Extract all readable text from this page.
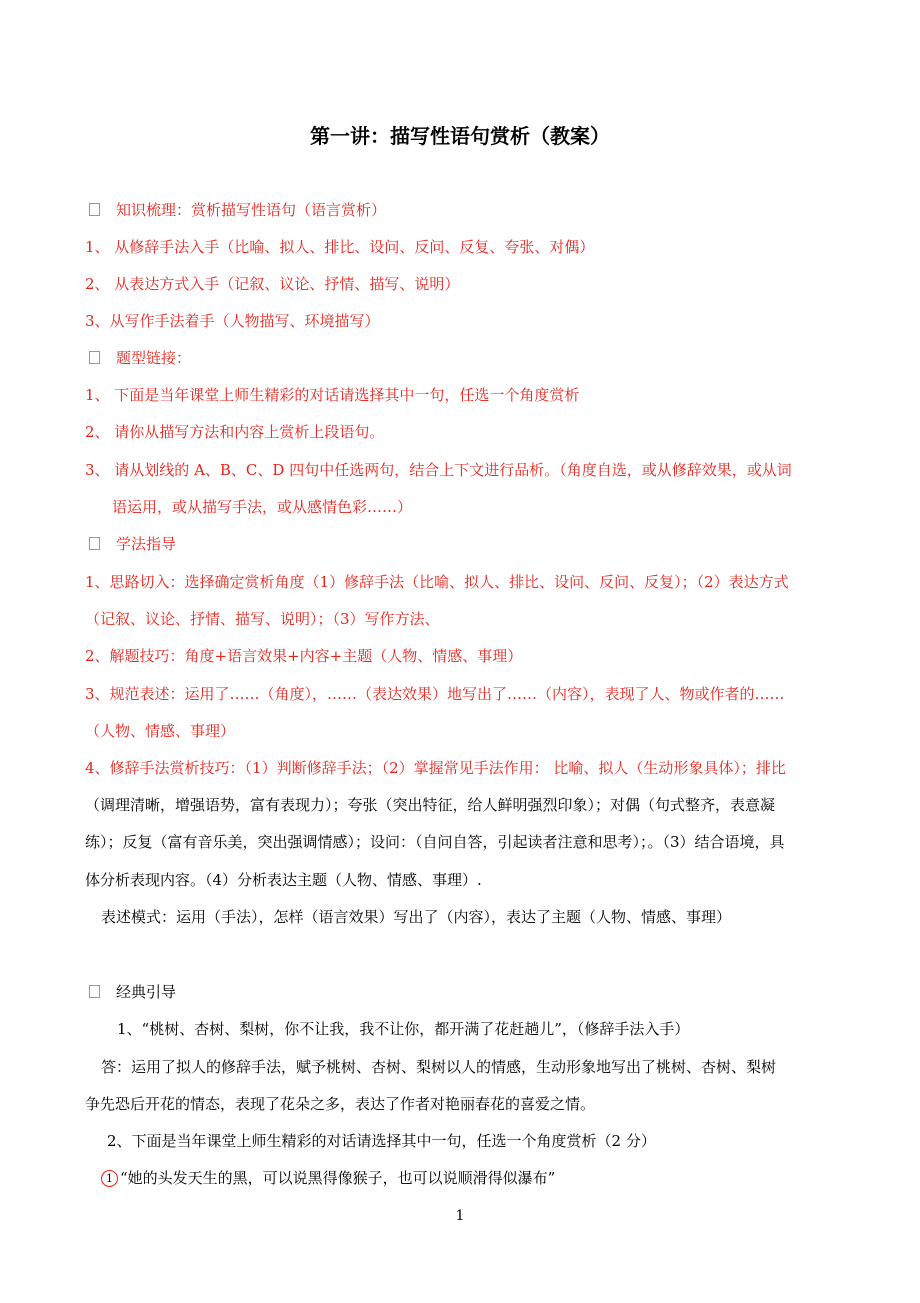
第一讲：描写性语句赏析（教案）
知识梳理：赏析描写性语句（语言赏析）
1、 从修辞手法入手（比喻、拟人、排比、设问、反问、反复、夸张、对偶）
2、 从表达方式入手（记叙、议论、抒情、描写、说明）
3、从写作手法着手（人物描写、环境描写）
题型链接：
1、 下面是当年课堂上师生精彩的对话请选择其中一句，任选一个角度赏析
2、 请你从描写方法和内容上赏析上段语句。
3、 请从划线的 A、B、C、D 四句中任选两句，结合上下文进行品析。（角度自选，或从修辞效果，或从词
语运用，或从描写手法，或从感情色彩……）
学法指导
1、思路切入：选择确定赏析角度（1）修辞手法（比喻、拟人、排比、设问、反问、反复）；（2）表达方式
（记叙、议论、抒情、描写、说明）；（3）写作方法、
2、解题技巧：角度+语言效果+内容+主题（人物、情感、事理）
3、规范表述：运用了……（角度），……（表达效果）地写出了……（内容），表现了人、物或作者的……
（人物、情感、事理）
4、修辞手法赏析技巧：（1）判断修辞手法；（2）掌握常见手法作用： 比喻、拟人（生动形象具体）；排比
（调理清晰，增强语势，富有表现力）；夸张（突出特征，给人鲜明强烈印象）；对偶（句式整齐，表意凝
练）；反复（富有音乐美，突出强调情感）；设问：（自问自答，引起读者注意和思考）；。（3）结合语境，具
体分析表现内容。（4）分析表达主题（人物、情感、事理）.
表述模式：运用（手法），怎样（语言效果）写出了（内容），表达了主题（人物、情感、事理）
经典引导
1、“桃树、杏树、梨树，你不让我，我不让你，都开满了花赶趟儿”，（修辞手法入手）
答：运用了拟人的修辞手法，赋予桃树、杏树、梨树以人的情感，生动形象地写出了桃树、杏树、梨树
争先恐后开花的情态，表现了花朵之多，表达了作者对艳丽春花的喜爱之情。
2、下面是当年课堂上师生精彩的对话请选择其中一句，任选一个角度赏析（2 分）
1 “她的头发天生的黑，可以说黑得像猴子，也可以说顺滑得似瀑布”
1
